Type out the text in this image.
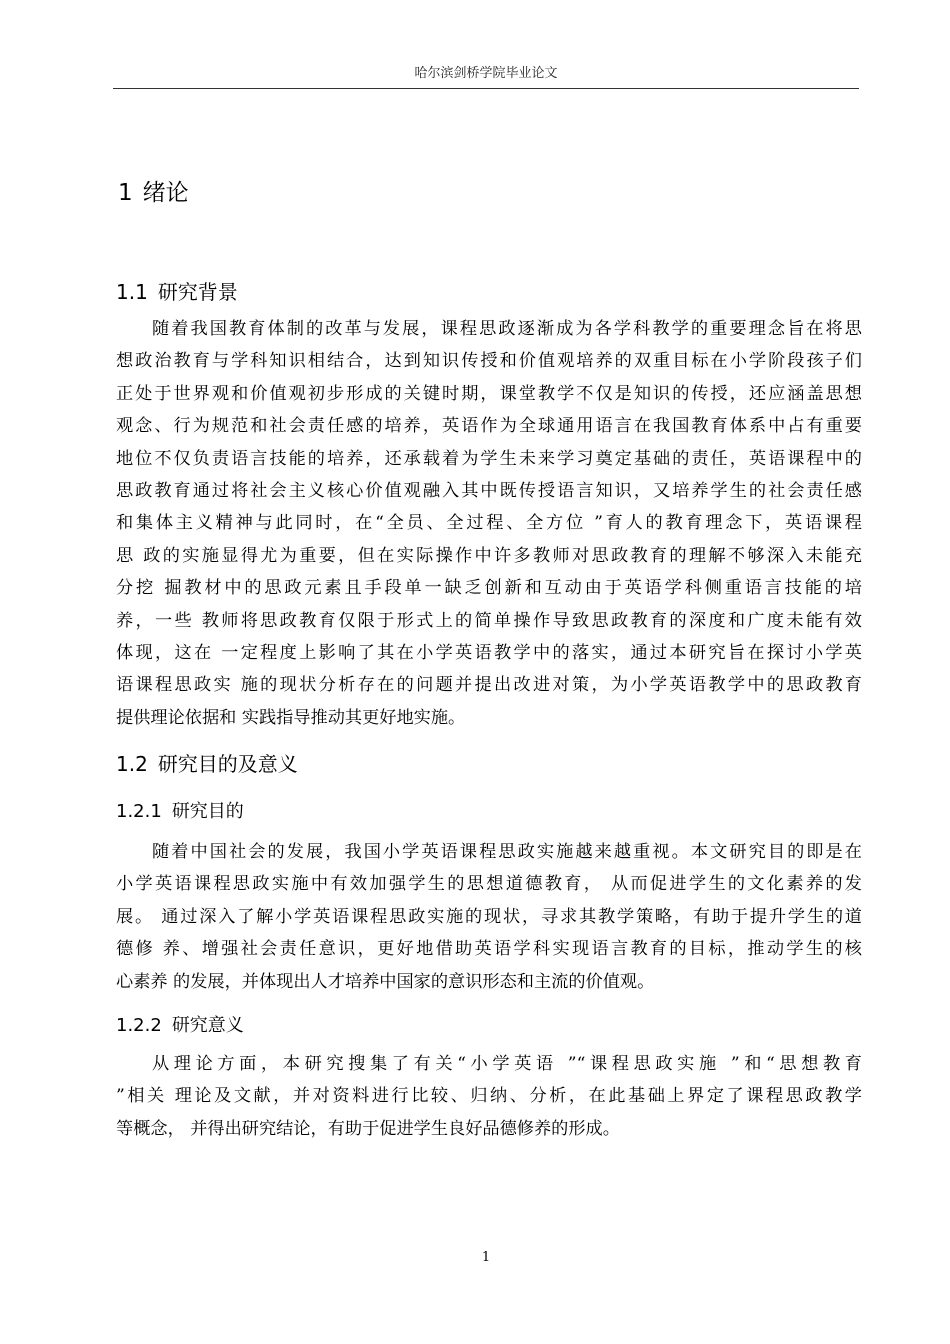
哈尔滨剑桥学院毕业论文
1 绪论
1.1 研究背景
随着我国教育体制的改革与发展，课程思政逐渐成为各学科教学的重要理念旨在将思
想政治教育与学科知识相结合，达到知识传授和价值观培养的双重目标在小学阶段孩子们
正处于世界观和价值观初步形成的关键时期，课堂教学不仅是知识的传授，还应涵盖思想
观念、行为规范和社会责任感的培养，英语作为全球通用语言在我国教育体系中占有重要
地位不仅负责语言技能的培养，还承载着为学生未来学习奠定基础的责任，英语课程中的
思政教育通过将社会主义核心价值观融入其中既传授语言知识，又培养学生的社会责任感
和集体主义精神与此同时，在“全员、全过程、全方位 ”育人的教育理念下，英语课程
思 政的实施显得尤为重要，但在实际操作中许多教师对思政教育的理解不够深入未能充
分挖 掘教材中的思政元素且手段单一缺乏创新和互动由于英语学科侧重语言技能的培
养，一些 教师将思政教育仅限于形式上的简单操作导致思政教育的深度和广度未能有效
体现，这在 一定程度上影响了其在小学英语教学中的落实，通过本研究旨在探讨小学英
语课程思政实 施的现状分析存在的问题并提出改进对策，为小学英语教学中的思政教育
提供理论依据和 实践指导推动其更好地实施。
1.2 研究目的及意义
1.2.1 研究目的
随着中国社会的发展，我国小学英语课程思政实施越来越重视。本文研究目的即是在
小学英语课程思政实施中有效加强学生的思想道德教育， 从而促进学生的文化素养的发
展。 通过深入了解小学英语课程思政实施的现状，寻求其教学策略，有助于提升学生的道
德修 养、增强社会责任意识，更好地借助英语学科实现语言教育的目标，推动学生的核
心素养 的发展，并体现出人才培养中国家的意识形态和主流的价值观。
1.2.2 研究意义
从理论方面，本研究搜集了有关“小学英语 ”“课程思政实施 ”和“思想教育
”相关 理论及文献，并对资料进行比较、归纳、分析，在此基础上界定了课程思政教学
等概念， 并得出研究结论，有助于促进学生良好品德修养的形成。
1
